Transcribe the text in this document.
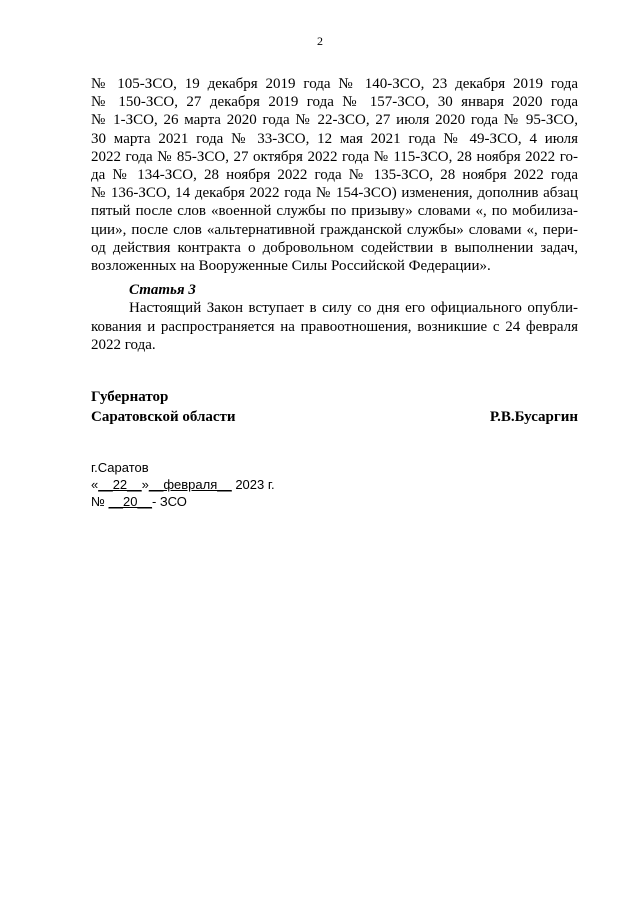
2

№ 105-ЗСО, 19 декабря 2019 года № 140-ЗСО, 23 декабря 2019 года
№ 150-ЗСО, 27 декабря 2019 года № 157-ЗСО, 30 января 2020 года
№ 1-ЗСО, 26 марта 2020 года № 22-ЗСО, 27 июля 2020 года № 95-ЗСО,
30 марта 2021 года № 33-ЗСО, 12 мая 2021 года № 49-ЗСО, 4 июля
2022 года № 85-ЗСО, 27 октября 2022 года № 115-ЗСО, 28 ноября 2022 го-
да № 134-ЗСО, 28 ноября 2022 года № 135-ЗСО, 28 ноября 2022 года
№ 136-ЗСО, 14 декабря 2022 года № 154-ЗСО) изменения, дополнив абзац
пятый после слов «военной службы по призыву» словами «, по мобилиза-
ции», после слов «альтернативной гражданской службы» словами «, пери-
од действия контракта о добровольном содействии в выполнении задач,
возложенных на Вооруженные Силы Российской Федерации».

Статья 3

Настоящий Закон вступает в силу со дня его официального опубли-
кования и распространяется на правоотношения, возникшие с 24 февраля
2022 года.

Губернатор
Саратовской области	Р.В.Бусаргин
г.Саратов
«__22__»__февраля__ 2023 г.
№ __20__- ЗСО
